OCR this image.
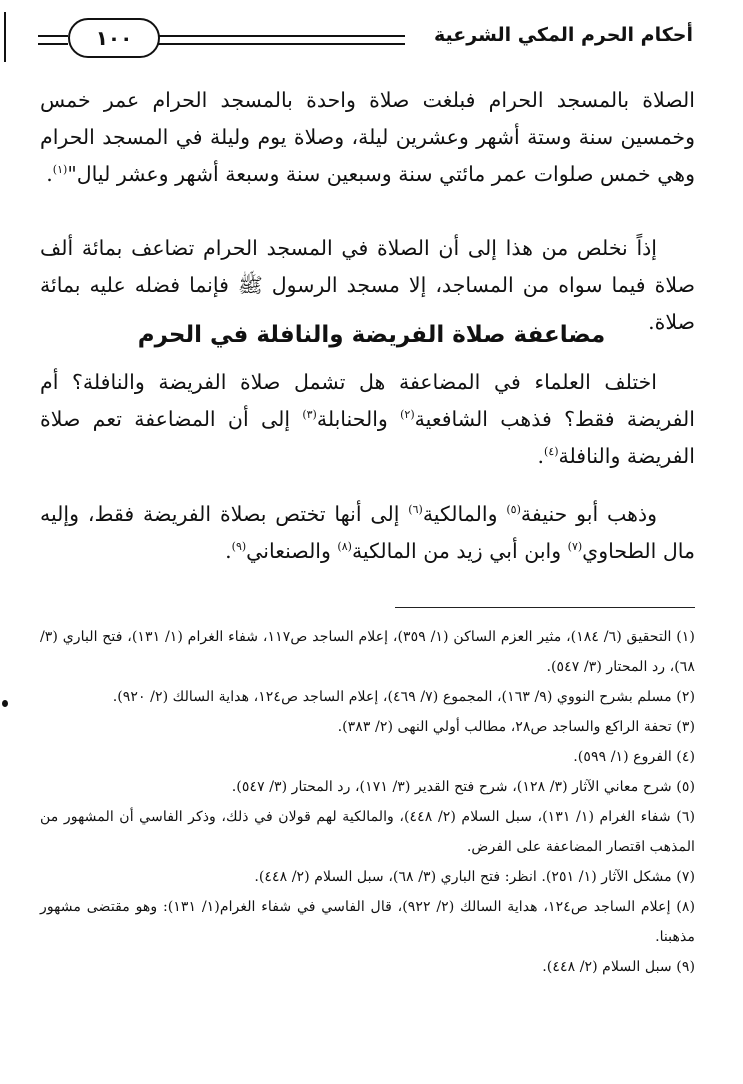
أحكام الحرم المكي الشرعية
١٠٠

الصلاة بالمسجد الحرام فبلغت صلاة واحدة بالمسجد الحرام عمر خمس وخمسين سنة وستة أشهر وعشرين ليلة، وصلاة يوم وليلة في المسجد الحرام وهي خمس صلوات عمر مائتي سنة وسبعين سنة وسبعة أشهر وعشر ليال"$^{(١)}$.

إذاً نخلص من هذا إلى أن الصلاة في المسجد الحرام تضاعف بمائة ألف صلاة فيما سواه من المساجد، إلا مسجد الرسول ﷺ فإنما فضله عليه بمائة صلاة.

مضاعفة صلاة الفريضة والنافلة في الحرم

اختلف العلماء في المضاعفة هل تشمل صلاة الفريضة والنافلة؟ أم الفريضة فقط؟ فذهب الشافعية$^{(٢)}$ والحنابلة$^{(٣)}$ إلى أن المضاعفة تعم صلاة الفريضة والنافلة$^{(٤)}$.

وذهب أبو حنيفة$^{(٥)}$ والمالكية$^{(٦)}$ إلى أنها تختص بصلاة الفريضة فقط، وإليه مال الطحاوي$^{(٧)}$ وابن أبي زيد من المالكية$^{(٨)}$ والصنعاني$^{(٩)}$.

(١) التحقيق (٦/ ١٨٤)، مثير العزم الساكن (١/ ٣٥٩)، إعلام الساجد ص١١٧، شفاء الغرام (١/ ١٣١)، فتح الباري (٣/ ٦٨)، رد المحتار (٣/ ٥٤٧).

(٢) مسلم بشرح النووي (٩/ ١٦٣)، المجموع (٧/ ٤٦٩)، إعلام الساجد ص١٢٤، هداية السالك (٢/ ٩٢٠).

(٣) تحفة الراكع والساجد ص٢٨، مطالب أولي النهى (٢/ ٣٨٣).

(٤) الفروع (١/ ٥٩٩).

(٥) شرح معاني الآثار (٣/ ١٢٨)، شرح فتح القدير (٣/ ١٧١)، رد المحتار (٣/ ٥٤٧).

(٦) شفاء الغرام (١/ ١٣١)، سبل السلام (٢/ ٤٤٨)، والمالكية لهم قولان في ذلك، وذكر الفاسي أن المشهور من المذهب اقتصار المضاعفة على الفرض.

(٧) مشكل الآثار (١/ ٢٥١). انظر: فتح الباري (٣/ ٦٨)، سبل السلام (٢/ ٤٤٨).

(٨) إعلام الساجد ص١٢٤، هداية السالك (٢/ ٩٢٢)، قال الفاسي في شفاء الغرام(١/ ١٣١): وهو مقتضى مشهور مذهبنا.

(٩) سبل السلام (٢/ ٤٤٨).
